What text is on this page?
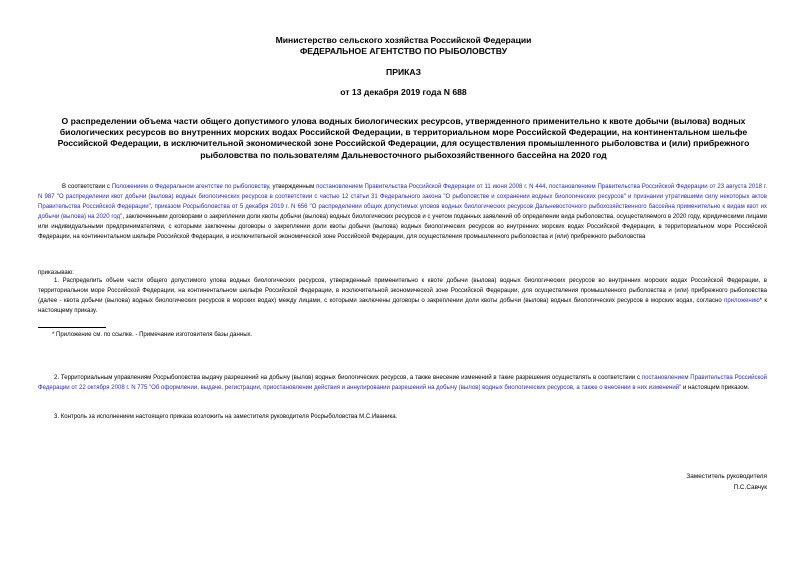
Министерство сельского хозяйства Российской Федерации
ФЕДЕРАЛЬНОЕ АГЕНТСТВО ПО РЫБОЛОВСТВУ
ПРИКАЗ
от 13 декабря 2019 года N 688
О распределении объема части общего допустимого улова водных биологических ресурсов, утвержденного применительно к квоте добычи (вылова) водных биологических ресурсов во внутренних морских водах Российской Федерации, в территориальном море Российской Федерации, на континентальном шельфе Российской Федерации, в исключительной экономической зоне Российской Федерации, для осуществления промышленного рыболовства и (или) прибрежного рыболовства по пользователям Дальневосточного рыбохозяйственного бассейна на 2020 год
В соответствии с Положением о Федеральном агентстве по рыболовству, утвержденным постановлением Правительства Российской Федерации от 11 июня 2008 г. N 444, постановлением Правительства Российской Федерации от 23 августа 2018 г. N 987 "О распределении квот добычи (вылова) водных биологических ресурсов в соответствии с частью 12 статьи 31 Федерального закона "О рыболовстве и сохранении водных биологических ресурсов" и признании утратившими силу некоторых актов Правительства Российской Федерации", приказом Росрыболовства от 5 декабря 2019 г. N 656 "О распределении общих допустимых уловов водных биологических ресурсов Дальневосточного рыбохозяйственного бассейна применительно к видам квот их добычи (вылова) на 2020 год", заключенными договорами о закреплении доли квоты добычи (вылова) водных биологических ресурсов и с учетом поданных заявлений об определении вида рыболовства, осуществляемого в 2020 году, юридическими лицами или индивидуальными предпринимателями, с которыми заключены договоры о закреплении доли квоты добычи (вылова) водных биологических ресурсов во внутренних морских водах Российской Федерации, в территориальном море Российской Федерации, на континентальном шельфе Российской Федерации, в исключительной экономической зоне Российской Федерации, для осуществления промышленного рыболовства и (или) прибрежного рыболовства
приказываю:
1. Распределить объем части общего допустимого улова водных биологических ресурсов, утвержденный применительно к квоте добычи (вылова) водных биологических ресурсов во внутренних морских водах Российской Федерации, в территориальном море Российской Федерации, на континентальном шельфе Российской Федерации, в исключительной экономической зоне Российской Федерации, для осуществления промышленного рыболовства и (или) прибрежного рыболовства (далее - квота добычи (вылова) водных биологических ресурсов в морских водах) между лицами, с которыми заключены договоры о закреплении доли квоты добычи (вылова) водных биологических ресурсов в морских водах, согласно приложению* к настоящему приказу.
* Приложение см. по ссылке. - Примечание изготовителя базы данных.
2. Территориальным управлениям Росрыболовства выдачу разрешений на добычу (вылов) водных биологических ресурсов, а также внесение изменений в такие разрешения осуществлять в соответствии с постановлением Правительства Российской Федерации от 22 октября 2008 г. N 775 "Об оформлении, выдаче, регистрации, приостановлении действия и аннулировании разрешений на добычу (вылов) водных биологических ресурсов, а также о внесении в них изменений" и настоящим приказом.
3. Контроль за исполнением настоящего приказа возложить на заместителя руководителя Росрыболовства М.С.Иваника.
Заместитель руководителя
П.С.Савчук
